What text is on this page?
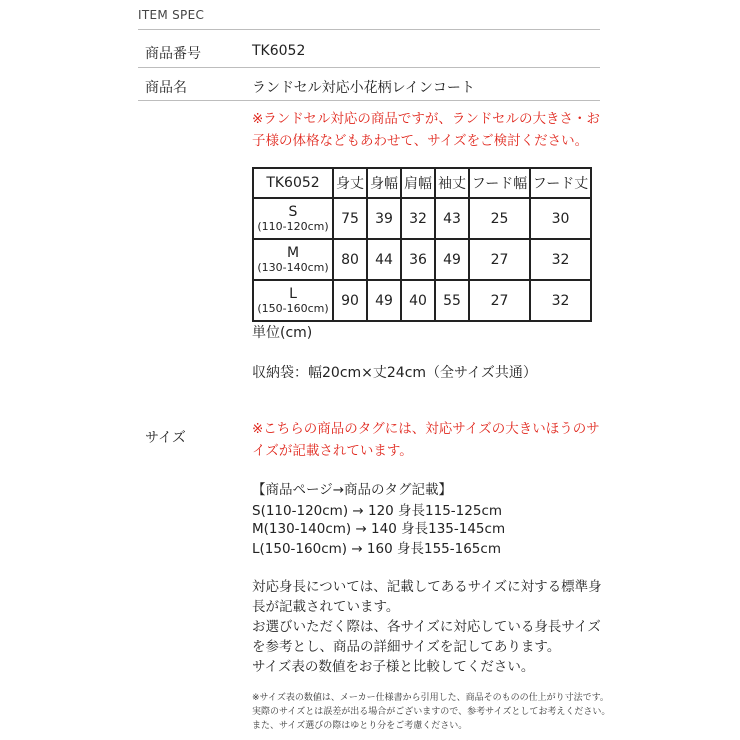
ITEM SPEC
商品番号	TK6052
商品名	ランドセル対応小花柄レインコート
※ランドセル対応の商品ですが、ランドセルの大きさ・お
子様の体格などもあわせて、サイズをご検討ください。
TK6052	身丈	身幅	肩幅	袖丈	フード幅	フード丈

S
(110-120cm)	75	39	32	43	25	30

M
(130-140cm)	80	44	36	49	27	32

L
(150-160cm)	90	49	40	55	27	32
単位(cm)
収納袋：幅20cm×丈24cm（全サイズ共通）
サイズ
※こちらの商品のタグには、対応サイズの大きいほうのサ
イズが記載されています。
【商品ページ→商品のタグ記載】
S(110-120cm) → 120 身長115-125cm
M(130-140cm) → 140 身長135-145cm
L(150-160cm) → 160 身長155-165cm
対応身長については、記載してあるサイズに対する標準身
長が記載されています。
お選びいただく際は、各サイズに対応している身長サイズ
を参考とし、商品の詳細サイズを記してあります。
サイズ表の数値をお子様と比較してください。
※サイズ表の数値は、メーカー仕様書から引用した、商品そのものの仕上がり寸法です。
実際のサイズとは誤差が出る場合がございますので、参考サイズとしてお考えください。
また、サイズ選びの際はゆとり分をご考慮ください。
